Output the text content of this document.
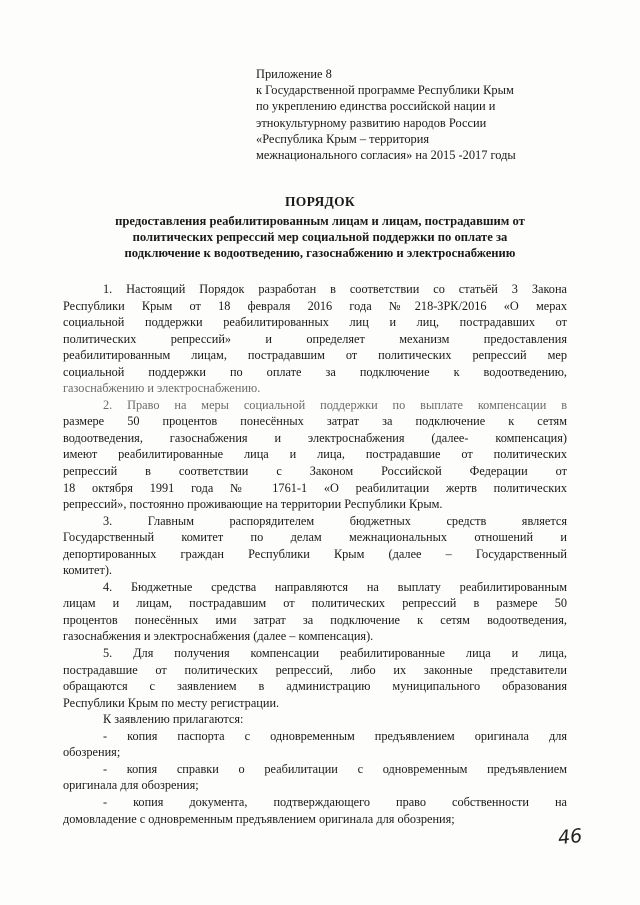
Приложение 8
к Государственной программе Республики Крым
по укреплению единства российской нации и
этнокультурному развитию народов России
«Республика Крым – территория
межнационального согласия» на 2015 -2017 годы
ПОРЯДОК
предоставления реабилитированным лицам и лицам, пострадавшим от
политических репрессий мер социальной поддержки по оплате за
подключение к водоотведению, газоснабжению и электроснабжению
1. Настоящий Порядок разработан в соответствии со статьёй 3 Закона
Республики Крым от 18 февраля 2016 года №218-ЗРК/2016 «О мерах
социальной поддержки реабилитированных лиц и лиц, пострадавших от
политических репрессий» и определяет механизм предоставления
реабилитированным лицам, пострадавшим от политических репрессий мер
социальной поддержки по оплате за подключение к водоотведению,
газоснабжению и электроснабжению.
2. Право на меры социальной поддержки по выплате компенсации в
размере 50 процентов понесённых затрат за подключение к сетям
водоотведения, газоснабжения и электроснабжения (далее- компенсация)
имеют реабилитированные лица и лица, пострадавшие от политических
репрессий в соответствии с Законом Российской Федерации от
18 октября 1991 года № 1761-1 «О реабилитации жертв политических
репрессий», постоянно проживающие на территории Республики Крым.
3. Главным распорядителем бюджетных средств является
Государственный комитет по делам межнациональных отношений и
депортированных граждан Республики Крым (далее – Государственный
комитет).
4. Бюджетные средства направляются на выплату реабилитированным
лицам и лицам, пострадавшим от политических репрессий в размере 50
процентов понесённых ими затрат за подключение к сетям водоотведения,
газоснабжения и электроснабжения (далее – компенсация).
5. Для получения компенсации реабилитированные лица и лица,
пострадавшие от политических репрессий, либо их законные представители
обращаются с заявлением в администрацию муниципального образования
Республики Крым по месту регистрации.
К заявлению прилагаются:
- копия паспорта с одновременным предъявлением оригинала для
обозрения;
- копия справки о реабилитации с одновременным предъявлением
оригинала для обозрения;
- копия документа, подтверждающего право собственности на
домовладение с одновременным предъявлением оригинала для обозрения;
46
